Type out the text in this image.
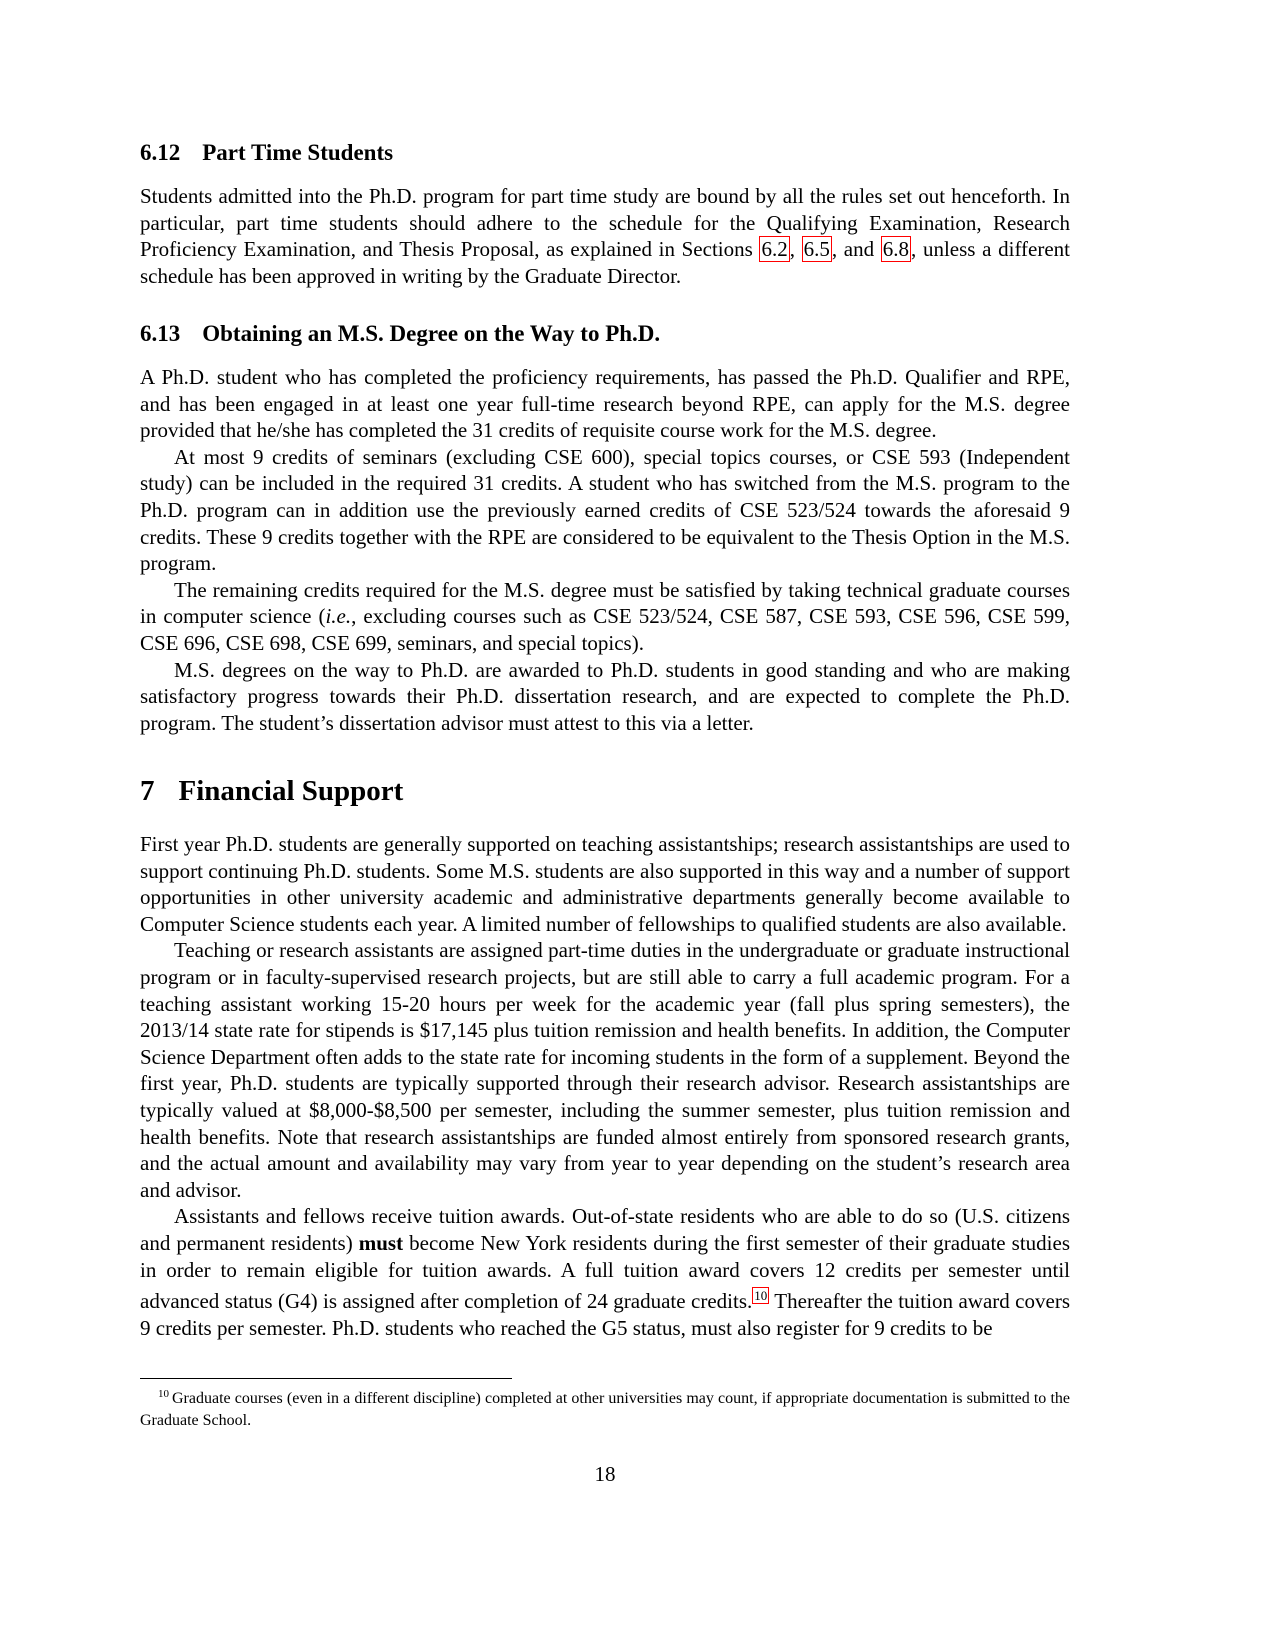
6.12 Part Time Students

Students admitted into the Ph.D. program for part time study are bound by all the rules set out henceforth. In particular, part time students should adhere to the schedule for the Qualifying Examination, Research Proficiency Examination, and Thesis Proposal, as explained in Sections 6.2, 6.5, and 6.8, unless a different schedule has been approved in writing by the Graduate Director.

6.13 Obtaining an M.S. Degree on the Way to Ph.D.

A Ph.D. student who has completed the proficiency requirements, has passed the Ph.D. Qualifier and RPE, and has been engaged in at least one year full-time research beyond RPE, can apply for the M.S. degree provided that he/she has completed the 31 credits of requisite course work for the M.S. degree.

At most 9 credits of seminars (excluding CSE 600), special topics courses, or CSE 593 (Independent study) can be included in the required 31 credits. A student who has switched from the M.S. program to the Ph.D. program can in addition use the previously earned credits of CSE 523/524 towards the aforesaid 9 credits. These 9 credits together with the RPE are considered to be equivalent to the Thesis Option in the M.S. program.

The remaining credits required for the M.S. degree must be satisfied by taking technical graduate courses in computer science (i.e., excluding courses such as CSE 523/524, CSE 587, CSE 593, CSE 596, CSE 599, CSE 696, CSE 698, CSE 699, seminars, and special topics).

M.S. degrees on the way to Ph.D. are awarded to Ph.D. students in good standing and who are making satisfactory progress towards their Ph.D. dissertation research, and are expected to complete the Ph.D. program. The student’s dissertation advisor must attest to this via a letter.

7 Financial Support

First year Ph.D. students are generally supported on teaching assistantships; research assistantships are used to support continuing Ph.D. students. Some M.S. students are also supported in this way and a number of support opportunities in other university academic and administrative departments generally become available to Computer Science students each year. A limited number of fellowships to qualified students are also available.

Teaching or research assistants are assigned part-time duties in the undergraduate or graduate instructional program or in faculty-supervised research projects, but are still able to carry a full academic program. For a teaching assistant working 15-20 hours per week for the academic year (fall plus spring semesters), the 2013/14 state rate for stipends is $17,145 plus tuition remission and health benefits. In addition, the Computer Science Department often adds to the state rate for incoming students in the form of a supplement. Beyond the first year, Ph.D. students are typically supported through their research advisor. Research assistantships are typically valued at $8,000-$8,500 per semester, including the summer semester, plus tuition remission and health benefits. Note that research assistantships are funded almost entirely from sponsored research grants, and the actual amount and availability may vary from year to year depending on the student’s research area and advisor.

Assistants and fellows receive tuition awards. Out-of-state residents who are able to do so (U.S. citizens and permanent residents) must become New York residents during the first semester of their graduate studies in order to remain eligible for tuition awards. A full tuition award covers 12 credits per semester until advanced status (G4) is assigned after completion of 24 graduate credits. $^{10}$ Thereafter the tuition award covers 9 credits per semester. Ph.D. students who reached the G5 status, must also register for 9 credits to be

$^{10}$ Graduate courses (even in a different discipline) completed at other universities may count, if appropriate documentation is submitted to the Graduate School.
18
